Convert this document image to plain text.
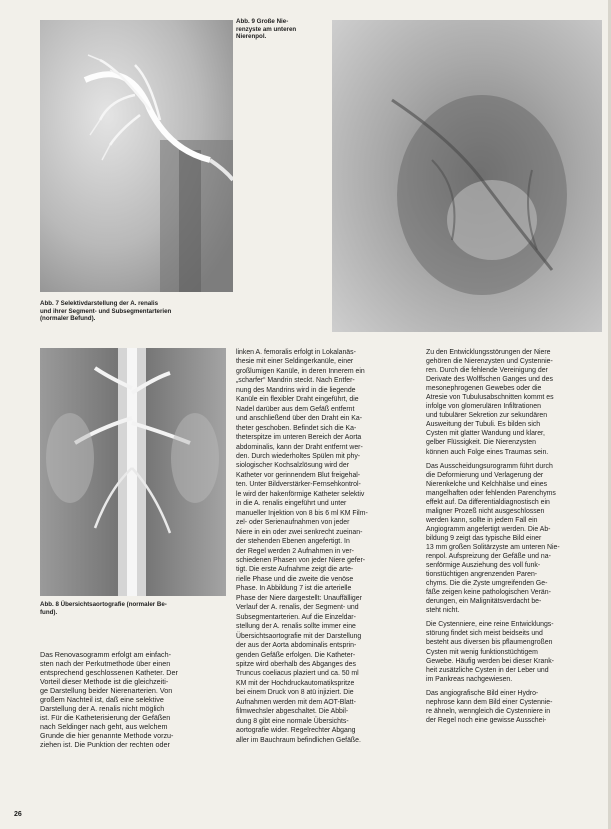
Abb. 7 Selektivdarstellung der A. renalis
und ihrer Segment- und Subsegmentarterien
(normaler Befund).
Abb. 9 Große Nie-
renzyste am unteren
Nierenpol.
Abb. 8 Übersichtsaortografie (normaler Be-
fund).

Das Renovasogramm erfolgt am einfach-
sten nach der Perkutmethode über einen
entsprechend geschlossenen Katheter. Der
Vorteil dieser Methode ist die gleichzeiti-
ge Darstellung beider Nierenarterien. Von
großem Nachteil ist, daß eine selektive
Darstellung der A. renalis nicht möglich
ist. Für die Katheterisierung der Gefäßen
nach Seldinger nach geht, aus welchem
Grunde die hier genannte Methode vorzu-
ziehen ist. Die Punktion der rechten oder

linken A. femoralis erfolgt in Lokalanäs-
thesie mit einer Seldingerkanüle, einer
großlumigen Kanüle, in deren Innerem ein
„scharfer“ Mandrin steckt. Nach Entfer-
nung des Mandrins wird in die liegende
Kanüle ein flexibler Draht eingeführt, die
Nadel darüber aus dem Gefäß entfernt
und anschließend über den Draht ein Ka-
theter geschoben. Befindet sich die Ka-
theterspitze im unteren Bereich der Aorta
abdominalis, kann der Draht entfernt wer-
den. Durch wiederholtes Spülen mit phy-
siologischer Kochsalzlösung wird der
Katheter vor gerinnendem Blut freigehal-
ten. Unter Bildverstärker-Fernsehkontrol-
le wird der hakenförmige Katheter selektiv
in die A. renalis eingeführt und unter
manueller Injektion von 8 bis 6 ml KM Film-
zel- oder Serienaufnahmen von jeder
Niere in ein oder zwei senkrecht zueinan-
der stehenden Ebenen angefertigt. In
der Regel werden 2 Aufnahmen in ver-
schiedenen Phasen von jeder Niere gefer-
tigt. Die erste Aufnahme zeigt die arte-
rielle Phase und die zweite die venöse
Phase. In Abbildung 7 ist die arterielle
Phase der Niere dargestellt: Unauffälliger
Verlauf der A. renalis, der Segment- und
Subsegmentarterien. Auf die Einzeldar-
stellung der A. renalis sollte immer eine
Übersichtsaortografie mit der Darstellung
der aus der Aorta abdominalis entsprin-
genden Gefäße erfolgen. Die Katheter-
spitze wird oberhalb des Abganges des
Truncus coeliacus plaziert und ca. 50 ml
KM mit der Hochdruckautomatikspritze
bei einem Druck von 8 atü injiziert. Die
Aufnahmen werden mit dem AOT-Blatt-
filmwechsler abgeschaltet. Die Abbil-
dung 8 gibt eine normale Übersichts-
aortografie wider. Regelrechter Abgang
aller im Bauchraum befindlichen Gefäße.

Zu den Entwicklungsstörungen der Niere
gehören die Nierenzysten und Cystennie-
ren. Durch die fehlende Vereinigung der
Derivate des Wolffschen Ganges und des
mesonephrogenen Gewebes oder die
Atresie von Tubulusabschnitten kommt es
infolge von glomerulären Infiltrationen
und tubulärer Sekretion zur sekundären
Ausweitung der Tubuli. Es bilden sich
Cysten mit glatter Wandung und klarer,
gelber Flüssigkeit. Die Nierenzysten
können auch Folge eines Traumas sein.

Das Ausscheidungsurogramm führt durch
die Deformierung und Verlagerung der
Nierenkelche und Kelchhälse und eines
mangelhaften oder fehlenden Parenchyms
effekt auf. Da differentialdiagnostisch ein
maligner Prozeß nicht ausgeschlossen
werden kann, sollte in jedem Fall ein
Angiogramm angefertigt werden. Die Ab-
bildung 9 zeigt das typische Bild einer
13 mm großen Solitärzyste am unteren Nie-
renpol. Aufspreizung der Gefäße und na-
senförmige Ausziehung des voll funk-
tionstüchtigen angrenzenden Paren-
chyms. Die die Zyste umgreifenden Ge-
fäße zeigen keine pathologischen Verän-
derungen, ein Malignitätsverdacht be-
steht nicht.

Die Cystenniere, eine reine Entwicklungs-
störung findet sich meist beidseits und
besteht aus diversen bis pflaumengroßen
Cysten mit wenig funktionstüchtigem
Gewebe. Häufig werden bei dieser Krank-
heit zusätzliche Cysten in der Leber und
im Pankreas nachgewiesen.

Das angiografische Bild einer Hydro-
nephrose kann dem Bild einer Cystennie-
re ähneln, wenngleich die Cystenniere in
der Regel noch eine gewisse Ausschei-

26
